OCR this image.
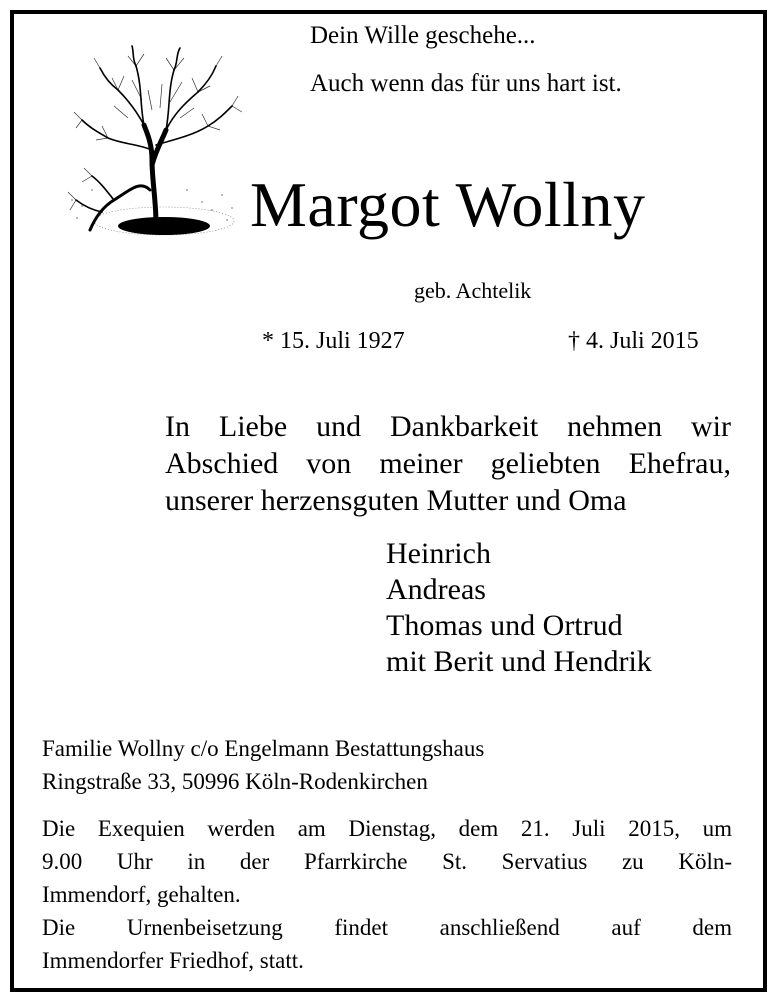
Dein Wille geschehe...
Auch wenn das für uns hart ist.
Margot Wollny
geb. Achtelik
* 15. Juli 1927	† 4. Juli 2015
In Liebe und Dankbarkeit nehmen wir
Abschied von meiner geliebten Ehefrau,
unserer herzensguten Mutter und Oma
Heinrich
Andreas
Thomas und Ortrud
mit Berit und Hendrik
Familie Wollny c/o Engelmann Bestattungshaus
Ringstraße 33, 50996 Köln-Rodenkirchen
Die Exequien werden am Dienstag, dem 21. Juli 2015, um
9.00 Uhr in der Pfarrkirche St. Servatius zu Köln-
Immendorf, gehalten.
Die Urnenbeisetzung findet anschließend auf dem
Immendorfer Friedhof, statt.
